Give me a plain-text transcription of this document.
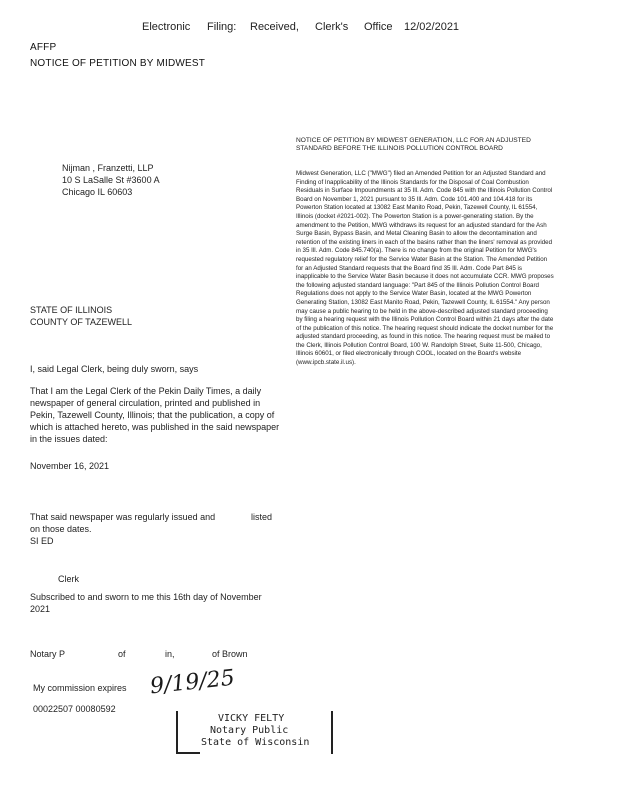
Electronic Filing: Received, Clerk's Office 12/02/2021
AFFP
NOTICE OF PETITION BY MIDWEST
Nijman , Franzetti, LLP
10 S LaSalle St #3600 A
Chicago IL 60603
STATE OF ILLINOIS
COUNTY OF TAZEWELL
I, said Legal Clerk, being duly sworn, says
That I am the Legal Clerk of the Pekin Daily Times, a daily newspaper of general circulation, printed and published in Pekin, Tazewell County, Illinois; that the publication, a copy of which is attached hereto, was published in the said newspaper in the issues dated:
November 16, 2021
That said newspaper was regularly issued and	listed
on those dates.
SI ED
Clerk
Subscribed to and sworn to me this 16th day of November
2021
Notary P	of	in,	of Brown
My commission expires 9/19/25
00022507 00080592
VICKY FELTY
Notary Public
State of Wisconsin
NOTICE OF PETITION BY MIDWEST GENERATION, LLC FOR AN ADJUSTED STANDARD BEFORE THE ILLINOIS POLLUTION CONTROL BOARD
Midwest Generation, LLC ("MWG") filed an Amended Petition for an Adjusted Standard and Finding of Inapplicability of the Illinois Standards for the Disposal of Coal Combustion Residuals in Surface Impoundments at 35 Ill. Adm. Code 845 with the Illinois Pollution Control Board on November 1, 2021 pursuant to 35 Ill. Adm. Code 101.400 and 104.418 for its Powerton Station located at 13082 East Manito Road, Pekin, Tazewell County, IL 61554, Illinois (docket #2021-002). The Powerton Station is a power-generating station. By the amendment to the Petition, MWG withdraws its request for an adjusted standard for the Ash Surge Basin, Bypass Basin, and Metal Cleaning Basin to allow the decontamination and retention of the existing liners in each of the basins rather than the liners' removal as provided in 35 Ill. Adm. Code 845.740(a). There is no change from the original Petition for MWG's requested regulatory relief for the Service Water Basin at the Station. The Amended Petition for an Adjusted Standard requests that the Board find 35 Ill. Adm. Code Part 845 is inapplicable to the Service Water Basin because it does not accumulate CCR. MWG proposes the following adjusted standard language: "Part 845 of the Illinois Pollution Control Board Regulations does not apply to the Service Water Basin, located at the MWG Powerton Generating Station, 13082 East Manito Road, Pekin, Tazewell County, IL 61554." Any person may cause a public hearing to be held in the above-described adjusted standard proceeding by filing a hearing request with the Illinois Pollution Control Board within 21 days after the date of the publication of this notice. The hearing request should indicate the docket number for the adjusted standard proceeding, as found in this notice. The hearing request must be mailed to the Clerk, Illinois Pollution Control Board, 100 W. Randolph Street, Suite 11-500, Chicago, Illinois 60601, or filed electronically through COOL, located on the Board's website (www.ipcb.state.il.us).
